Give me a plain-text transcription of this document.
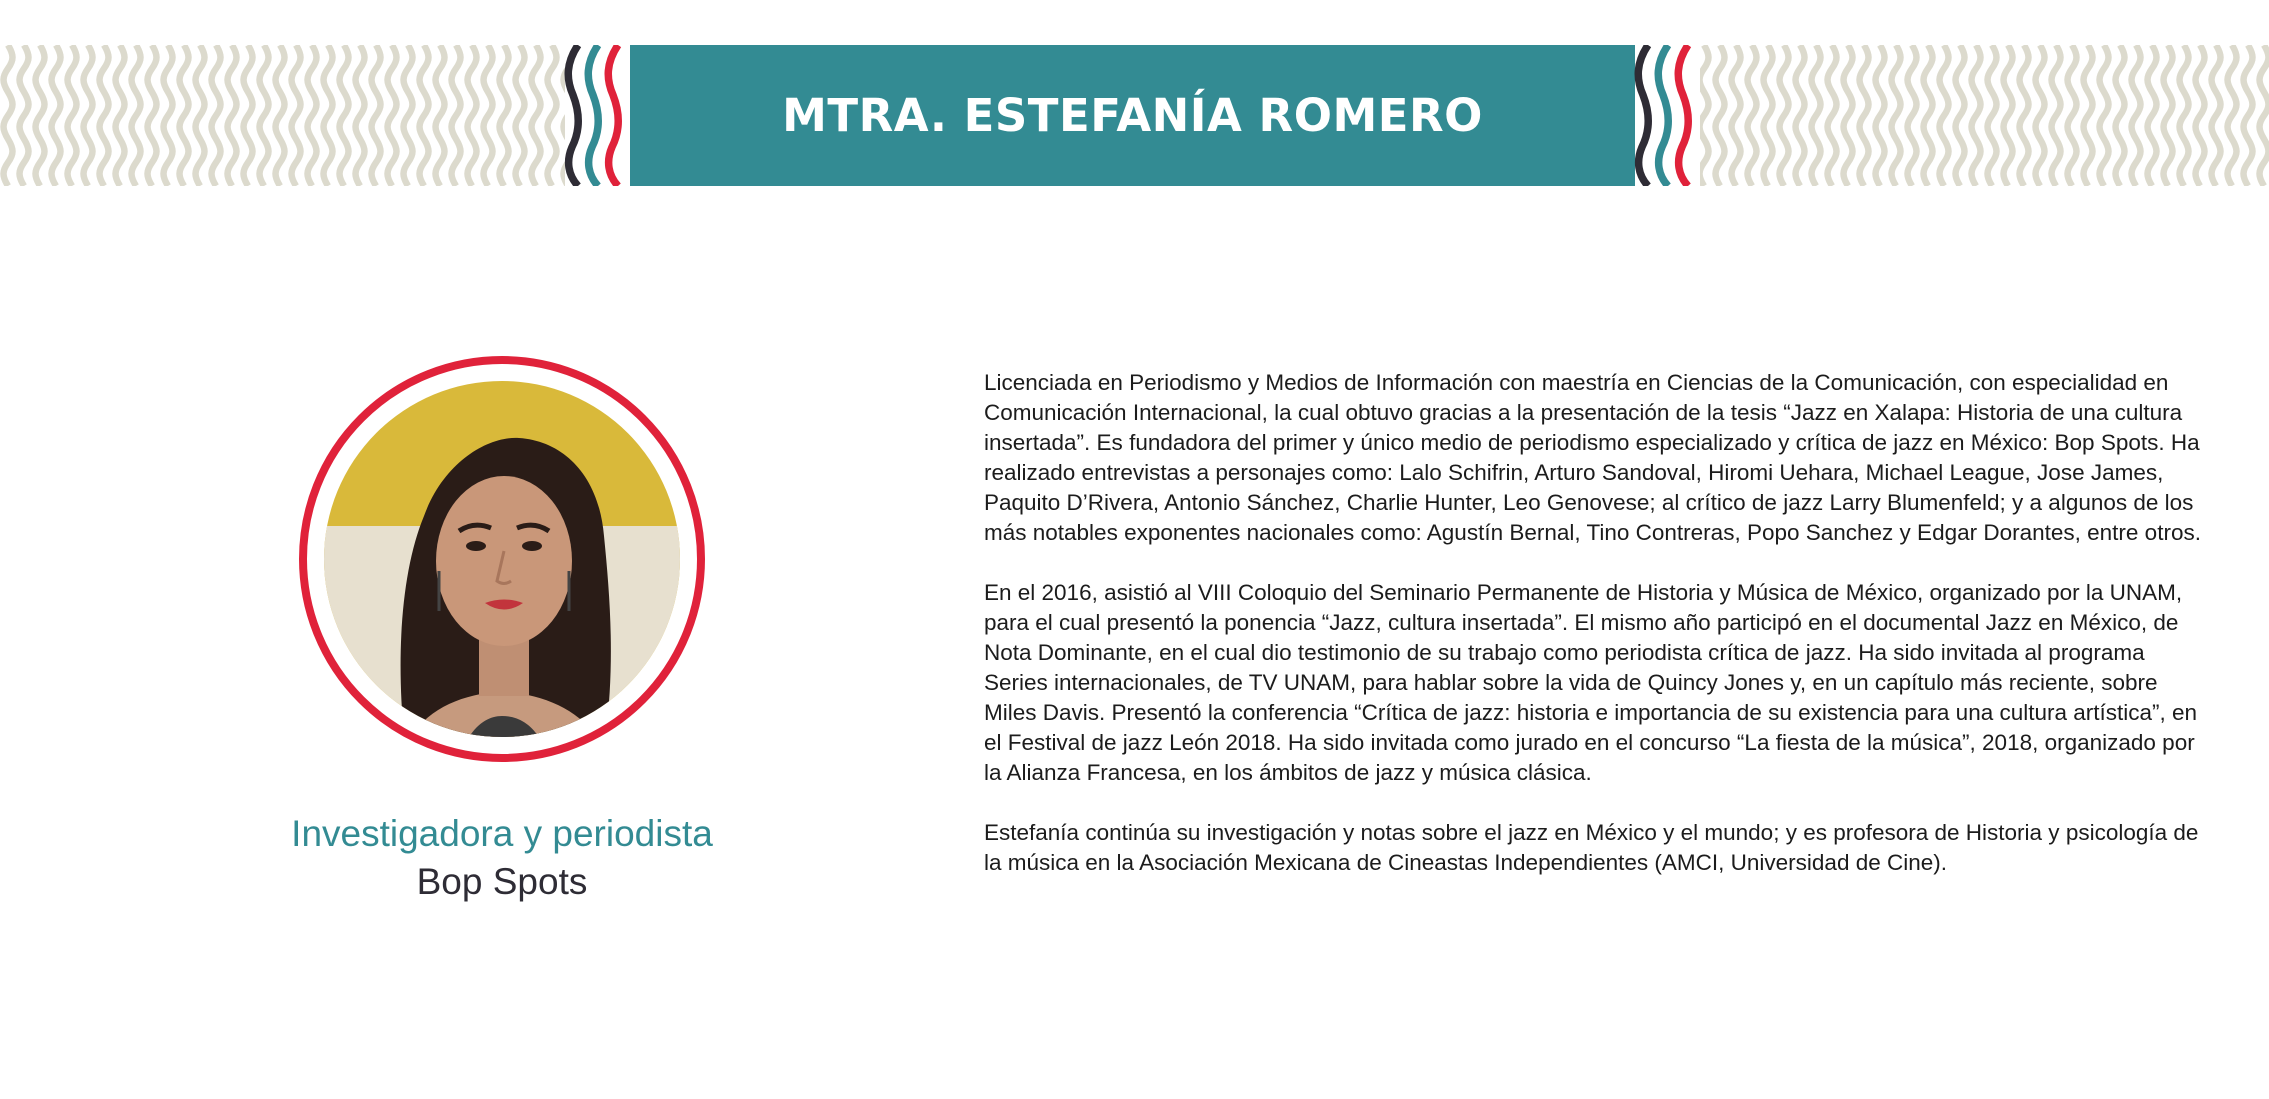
MTRA. ESTEFANÍA ROMERO
Investigadora y periodista
Bop Spots

Licenciada en Periodismo y Medios de Información con maestría en Ciencias de la Comunicación, con especialidad en Comunicación Internacional, la cual obtuvo gracias a la presentación de la tesis “Jazz en Xalapa: Historia de una cultura insertada”. Es fundadora del primer y único medio de periodismo especializado y crítica de jazz en México: Bop Spots. Ha realizado entrevistas a personajes como: Lalo Schifrin, Arturo Sandoval, Hiromi Uehara, Michael League, Jose James, Paquito D’Rivera, Antonio Sánchez, Charlie Hunter, Leo Genovese; al crítico de jazz Larry Blumenfeld; y a algunos de los más notables exponentes nacionales como: Agustín Bernal, Tino Contreras, Popo Sanchez y Edgar Dorantes, entre otros.

En el 2016, asistió al VIII Coloquio del Seminario Permanente de Historia y Música de México, organizado por la UNAM, para el cual presentó la ponencia “Jazz, cultura insertada”. El mismo año participó en el documental Jazz en México, de Nota Dominante, en el cual dio testimonio de su trabajo como periodista crítica de jazz. Ha sido invitada al programa Series internacionales, de TV UNAM, para hablar sobre la vida de Quincy Jones y, en un capítulo más reciente, sobre Miles Davis. Presentó la conferencia “Crítica de jazz: historia e importancia de su existencia para una cultura artística”, en el Festival de jazz León 2018. Ha sido invitada como jurado en el concurso “La fiesta de la música”, 2018, organizado por la Alianza Francesa, en los ámbitos de jazz y música clásica.

Estefanía continúa su investigación y notas sobre el jazz en México y el mundo; y es profesora de Historia y psicología de la música en la Asociación Mexicana de Cineastas Independientes (AMCI, Universidad de Cine).
